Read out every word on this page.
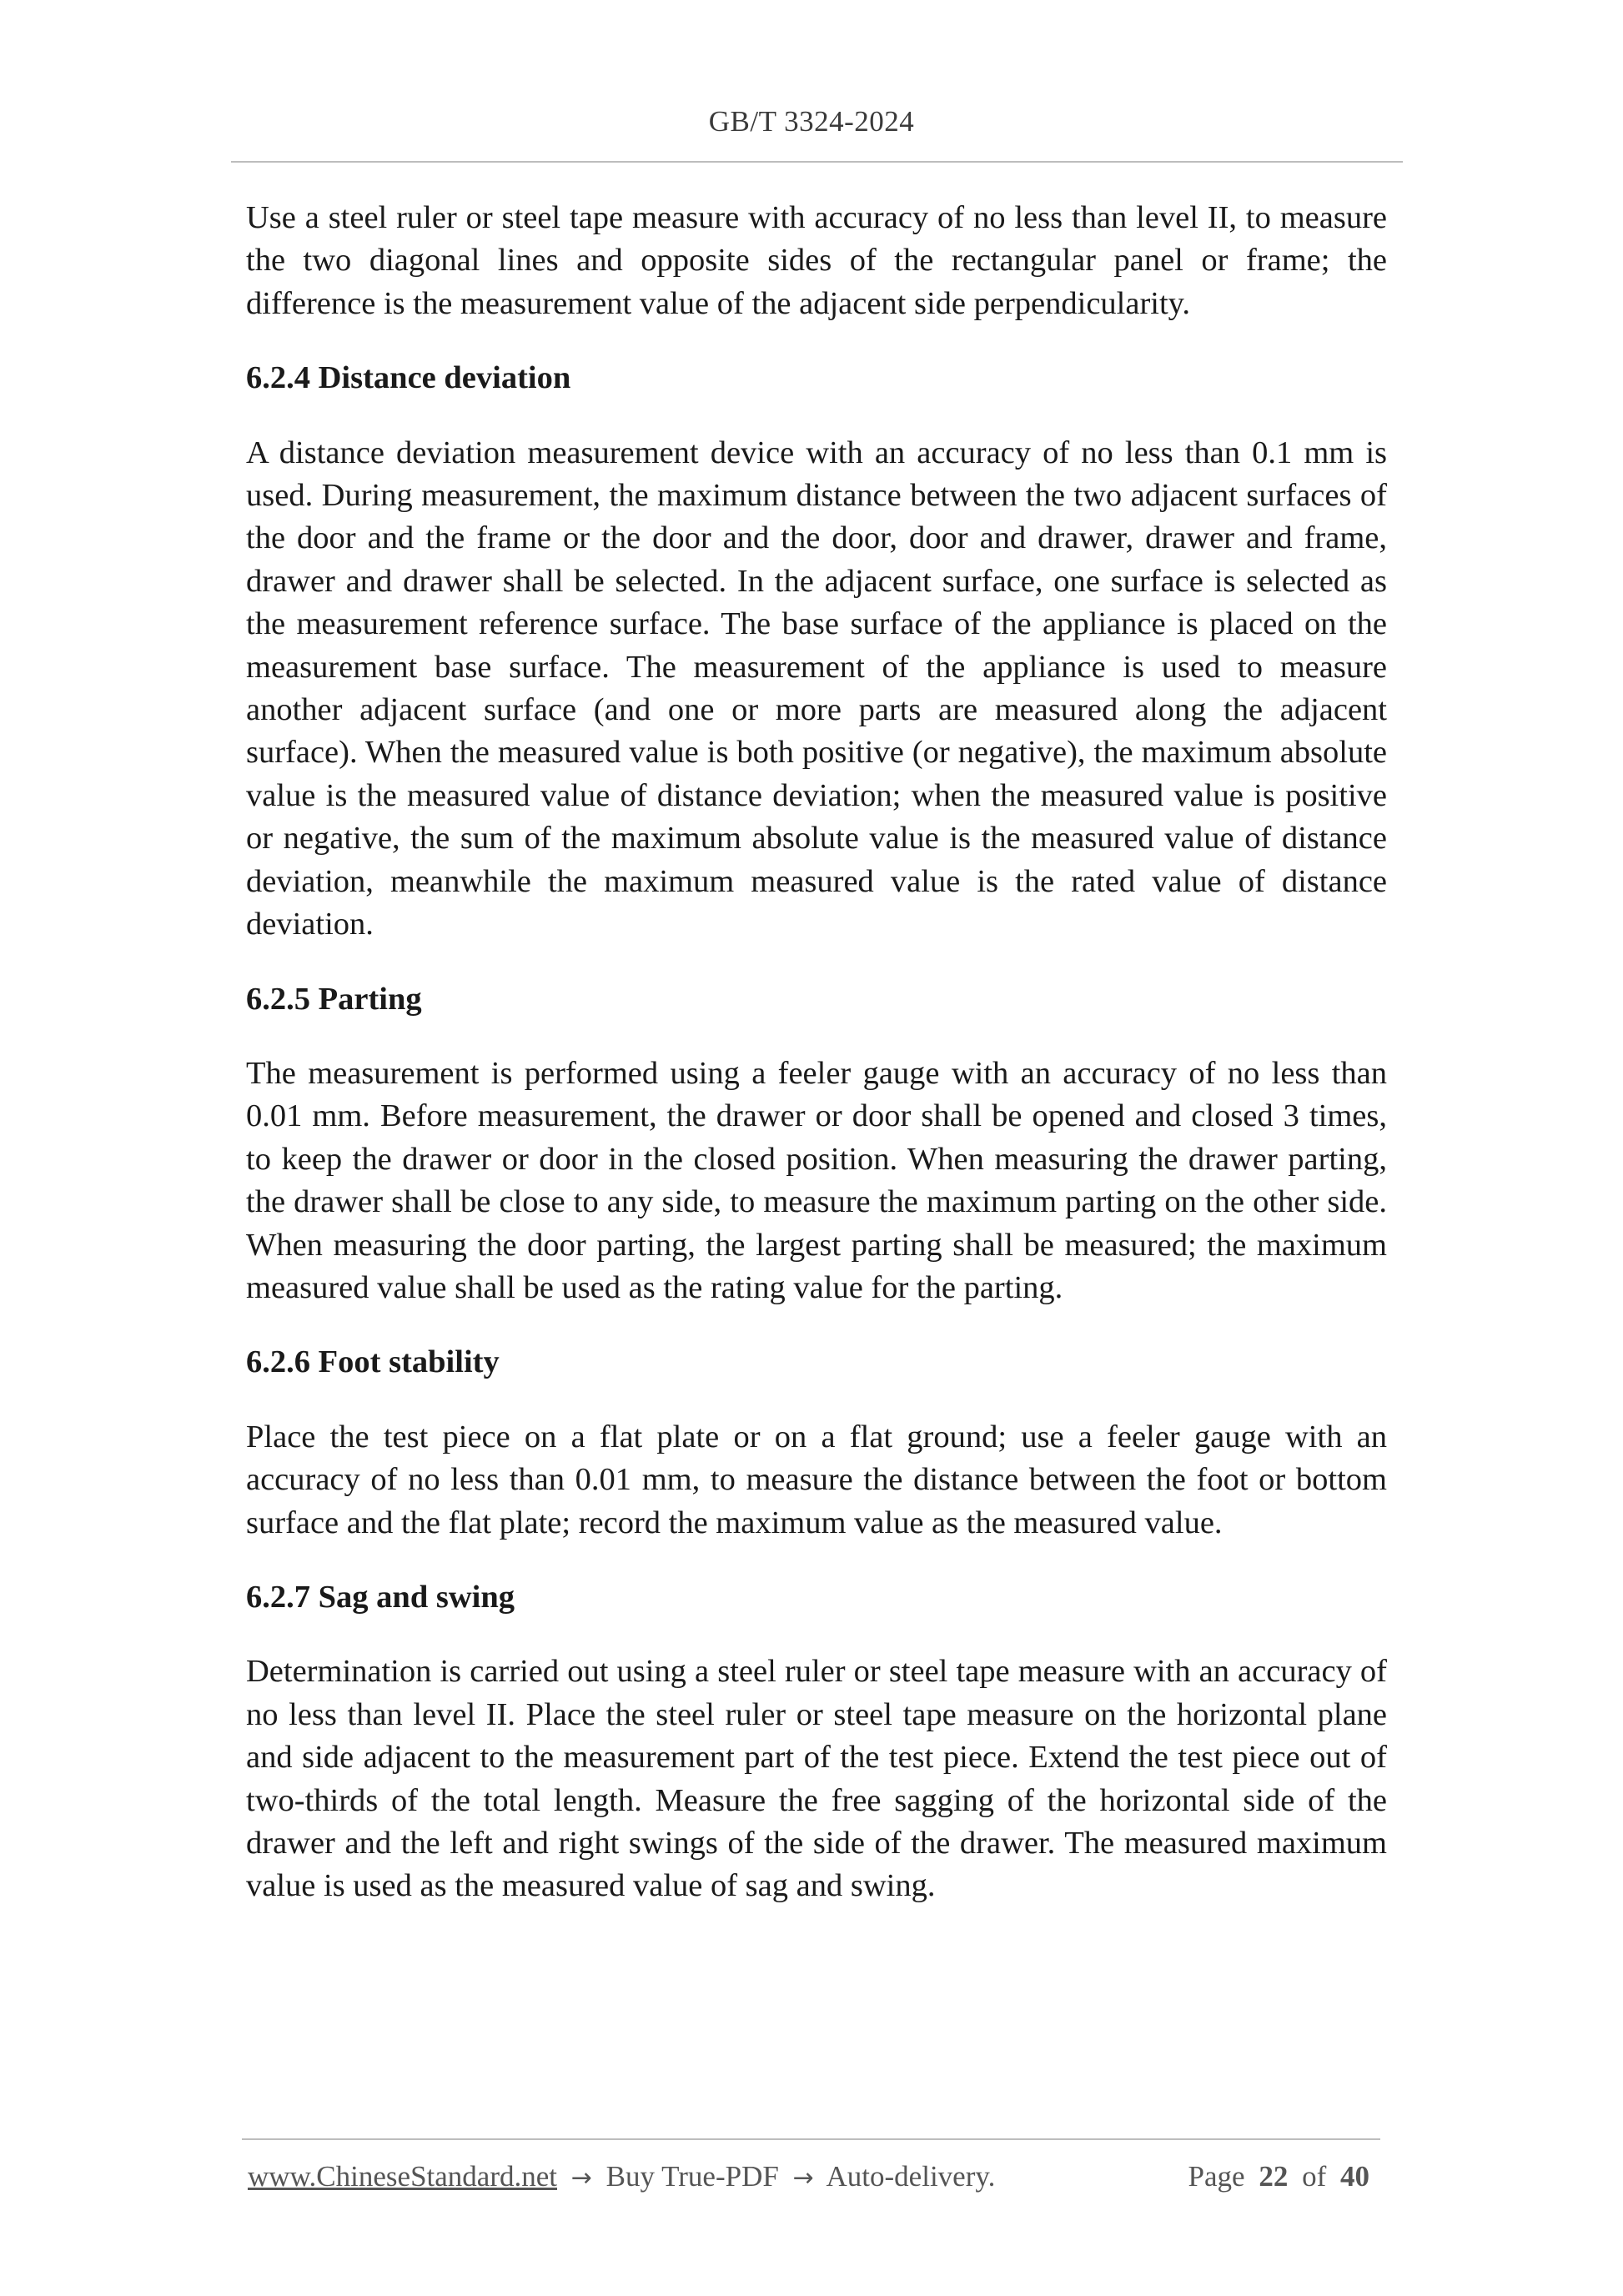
GB/T 3324-2024

Use a steel ruler or steel tape measure with accuracy of no less than level II, to measure the two diagonal lines and opposite sides of the rectangular panel or frame; the difference is the measurement value of the adjacent side perpendicularity.

6.2.4 Distance deviation

A distance deviation measurement device with an accuracy of no less than 0.1 mm is used. During measurement, the maximum distance between the two adjacent surfaces of the door and the frame or the door and the door, door and drawer, drawer and frame, drawer and drawer shall be selected. In the adjacent surface, one surface is selected as the measurement reference surface. The base surface of the appliance is placed on the measurement base surface. The measurement of the appliance is used to measure another adjacent surface (and one or more parts are measured along the adjacent surface). When the measured value is both positive (or negative), the maximum absolute value is the measured value of distance deviation; when the measured value is positive or negative, the sum of the maximum absolute value is the measured value of distance deviation, meanwhile the maximum measured value is the rated value of distance deviation.

6.2.5 Parting

The measurement is performed using a feeler gauge with an accuracy of no less than 0.01 mm. Before measurement, the drawer or door shall be opened and closed 3 times, to keep the drawer or door in the closed position. When measuring the drawer parting, the drawer shall be close to any side, to measure the maximum parting on the other side. When measuring the door parting, the largest parting shall be measured; the maximum measured value shall be used as the rating value for the parting.

6.2.6 Foot stability

Place the test piece on a flat plate or on a flat ground; use a feeler gauge with an accuracy of no less than 0.01 mm, to measure the distance between the foot or bottom surface and the flat plate; record the maximum value as the measured value.

6.2.7 Sag and swing

Determination is carried out using a steel ruler or steel tape measure with an accuracy of no less than level II. Place the steel ruler or steel tape measure on the horizontal plane and side adjacent to the measurement part of the test piece. Extend the test piece out of two-thirds of the total length. Measure the free sagging of the horizontal side of the drawer and the left and right swings of the side of the drawer. The measured maximum value is used as the measured value of sag and swing.

www.ChineseStandard.net → Buy True-PDF → Auto-delivery.	Page 22 of 40
